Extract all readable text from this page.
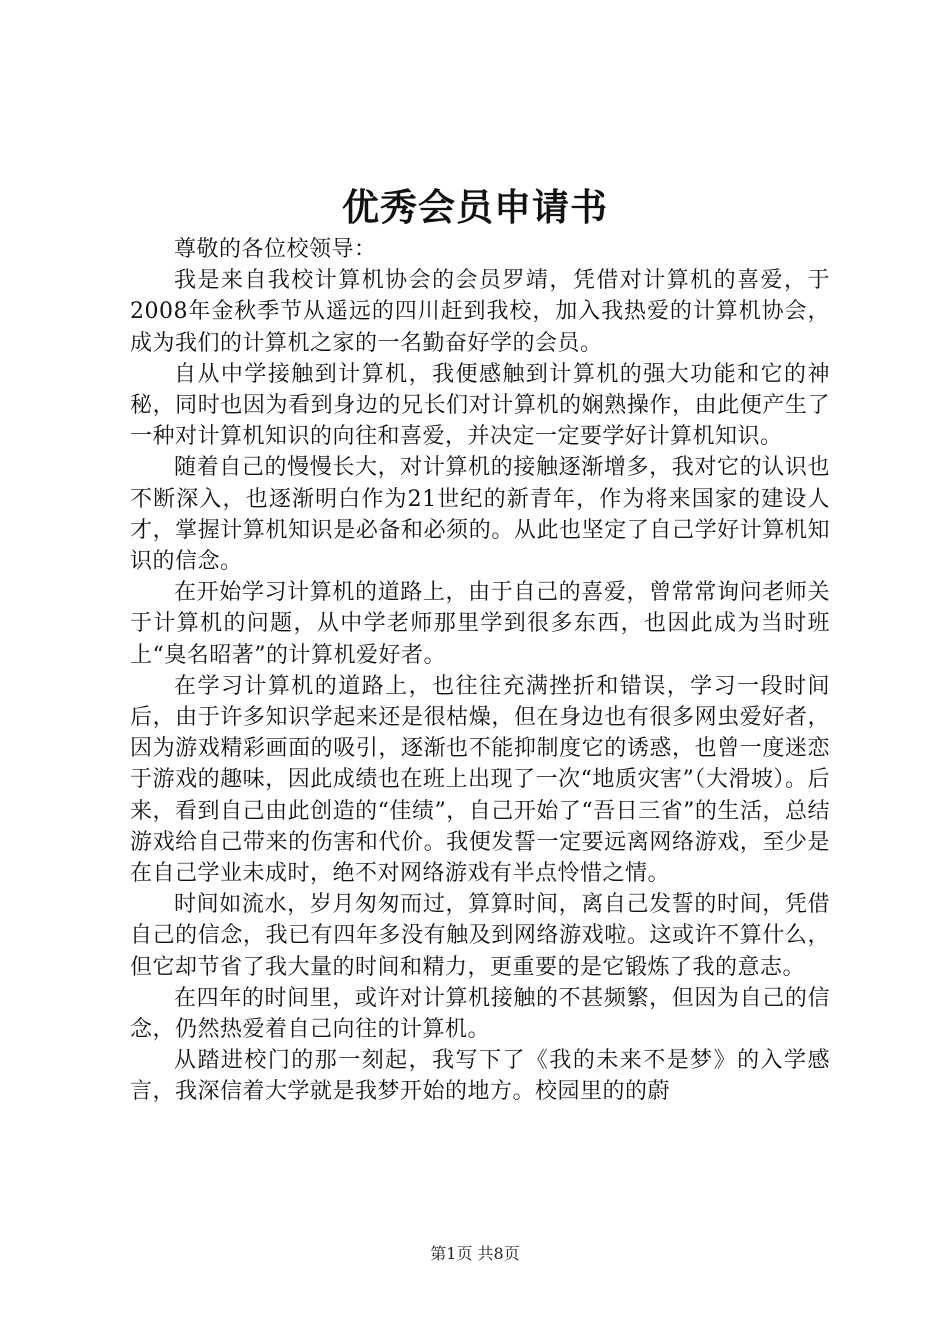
优秀会员申请书

尊敬的各位校领导：

我是来自我校计算机协会的会员罗靖，凭借对计算机的喜爱，于2008年金秋季节从遥远的四川赶到我校，加入我热爱的计算机协会，成为我们的计算机之家的一名勤奋好学的会员。

自从中学接触到计算机，我便感触到计算机的强大功能和它的神秘，同时也因为看到身边的兄长们对计算机的娴熟操作，由此便产生了一种对计算机知识的向往和喜爱，并决定一定要学好计算机知识。

随着自己的慢慢长大，对计算机的接触逐渐增多，我对它的认识也不断深入，也逐渐明白作为21世纪的新青年，作为将来国家的建设人才，掌握计算机知识是必备和必须的。从此也坚定了自己学好计算机知识的信念。

在开始学习计算机的道路上，由于自己的喜爱，曾常常询问老师关于计算机的问题，从中学老师那里学到很多东西，也因此成为当时班上“臭名昭著”的计算机爱好者。

在学习计算机的道路上，也往往充满挫折和错误，学习一段时间后，由于许多知识学起来还是很枯燥，但在身边也有很多网虫爱好者，因为游戏精彩画面的吸引，逐渐也不能抑制度它的诱惑，也曾一度迷恋于游戏的趣味，因此成绩也在班上出现了一次“地质灾害”（大滑坡）。后来，看到自己由此创造的“佳绩”，自己开始了“吾日三省”的生活，总结游戏给自己带来的伤害和代价。我便发誓一定要远离网络游戏，至少是在自己学业未成时，绝不对网络游戏有半点怜惜之情。

时间如流水，岁月匆匆而过，算算时间，离自己发誓的时间，凭借自己的信念，我已有四年多没有触及到网络游戏啦。这或许不算什么，但它却节省了我大量的时间和精力，更重要的是它锻炼了我的意志。

在四年的时间里，或许对计算机接触的不甚频繁，但因为自己的信念，仍然热爱着自己向往的计算机。

从踏进校门的那一刻起，我写下了《我的未来不是梦》的入学感言，我深信着大学就是我梦开始的地方。校园里的的蔚

第1页 共8页
